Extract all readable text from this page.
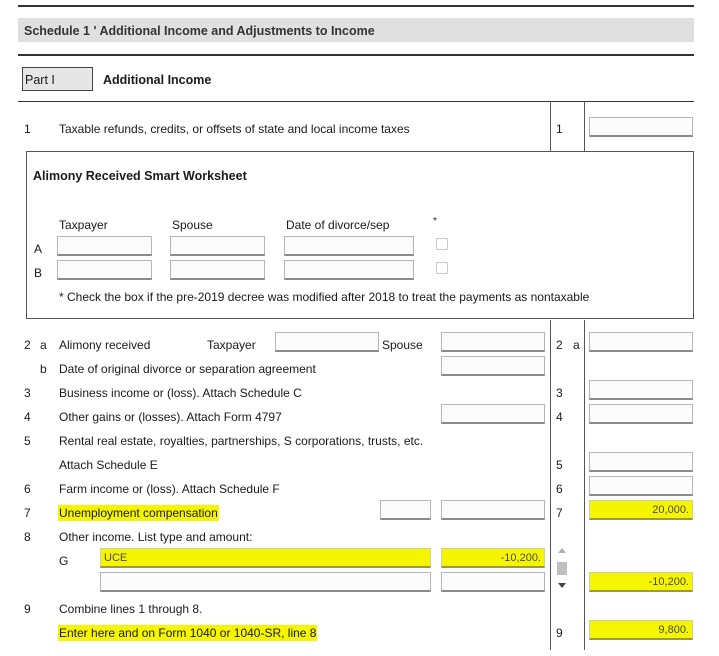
Schedule 1 ' Additional Income and Adjustments to Income
Part I	Additional Income
1 Taxable refunds, credits, or offsets of state and local income taxes	1
Alimony Received Smart Worksheet
Taxpayer	Spouse	Date of divorce/sep	*
A
B
* Check the box if the pre-2019 decree was modified after 2018 to treat the payments as nontaxable
2 a Alimony received	Taxpayer	Spouse	2 a
b Date of original divorce or separation agreement
3 Business income or (loss). Attach Schedule C	3
4 Other gains or (losses). Attach Form 4797	4
5 Rental real estate, royalties, partnerships, S corporations, trusts, etc.
Attach Schedule E	5
6 Farm income or (loss). Attach Schedule F	6
7 Unemployment compensation	7	20,000.
8 Other income. List type and amount:
G	UCE	-10,200.
-10,200.
9 Combine lines 1 through 8.
Enter here and on Form 1040 or 1040-SR, line 8	9	9,800.
